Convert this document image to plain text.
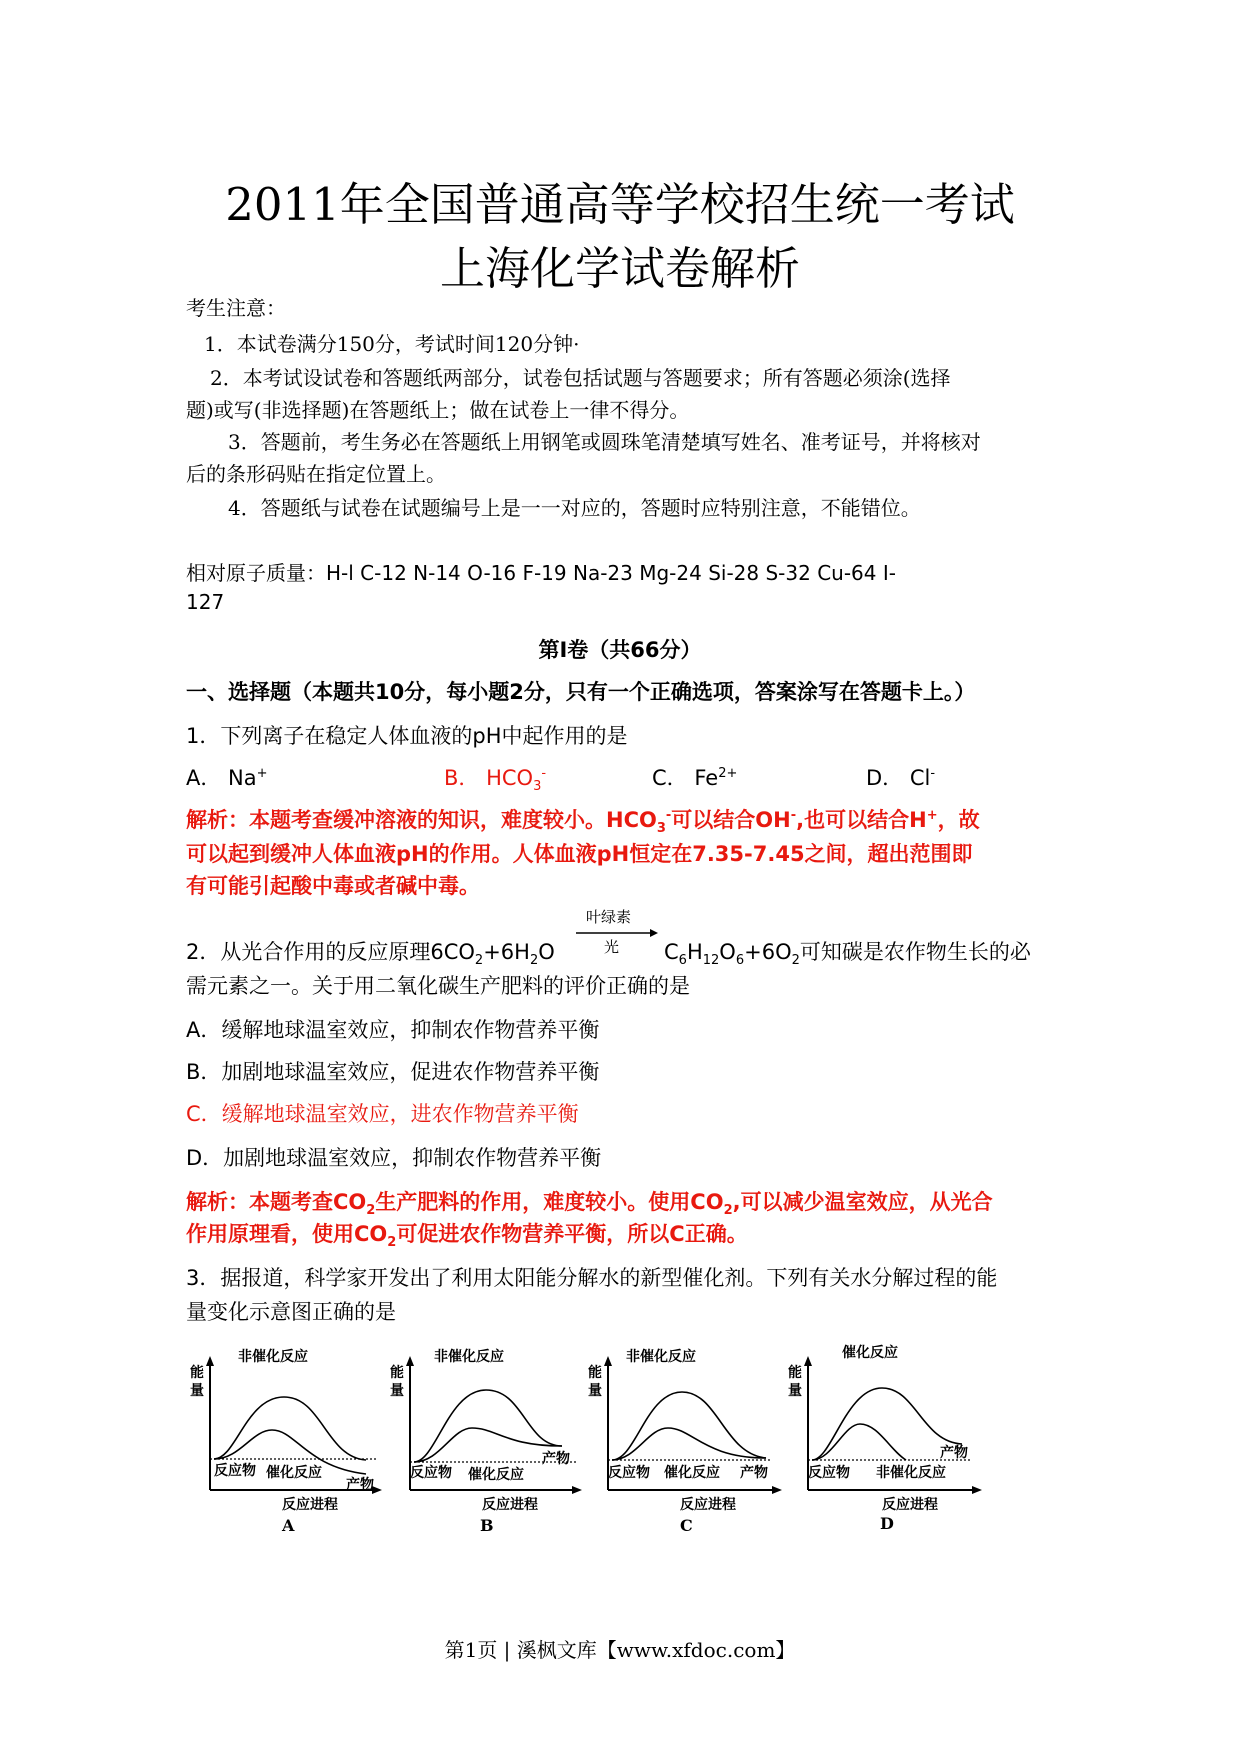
2011年全国普通高等学校招生统一考试
上海化学试卷解析
考生注意：
1．本试卷满分150分，考试时间120分钟·
2．本考试设试卷和答题纸两部分，试卷包括试题与答题要求；所有答题必须涂(选择
题)或写(非选择题)在答题纸上；做在试卷上一律不得分。
3．答题前，考生务必在答题纸上用钢笔或圆珠笔清楚填写姓名、准考证号，并将核对
后的条形码贴在指定位置上。
4．答题纸与试卷在试题编号上是一一对应的，答题时应特别注意，不能错位。
相对原子质量：H-l C-12 N-14 O-16 F-19 Na-23 Mg-24 Si-28 S-32 Cu-64 I-
127
第I卷（共66分）
一、选择题（本题共10分，每小题2分，只有一个正确选项，答案涂写在答题卡上。）
1．下列离子在稳定人体血液的pH中起作用的是
A． Na+	B． $HCO_3^-$	C． $Fe^{2+}$	D． Cl-
解析：本题考查缓冲溶液的知识，难度较小。$HCO_3^-$可以结合OH-,也可以结合H+，故
可以起到缓冲人体血液pH的作用。人体血液pH恒定在7.35-7.45之间，超出范围即
有可能引起酸中毒或者碱中毒。
叶绿素
光
2．从光合作用的反应原理$6CO_2+6H_2O$	$C_6H_{12}O_6+6O_2$可知碳是农作物生长的必
需元素之一。关于用二氧化碳生产肥料的评价正确的是
A．缓解地球温室效应，抑制农作物营养平衡
B．加剧地球温室效应，促进农作物营养平衡
C．缓解地球温室效应，进农作物营养平衡
D．加剧地球温室效应，抑制农作物营养平衡
解析：本题考查$CO_2$生产肥料的作用，难度较小。使用$CO_2$,可以减少温室效应，从光合
作用原理看，使用$CO_2$可促进农作物营养平衡，所以C正确。
3．据报道，科学家开发出了利用太阳能分解水的新型催化剂。下列有关水分解过程的能
量变化示意图正确的是
能
量
非催化反应
反应物 催化反应
产物
反应进程
A
能
量
非催化反应
反应物 催化反应
产物
反应进程
B
能
量
非催化反应
反应物 催化反应 产物
反应进程
C
能
量
催化反应
反应物 非催化反应
产物
反应进程
D
第1页 | 溪枫文库【www.xfdoc.com】
